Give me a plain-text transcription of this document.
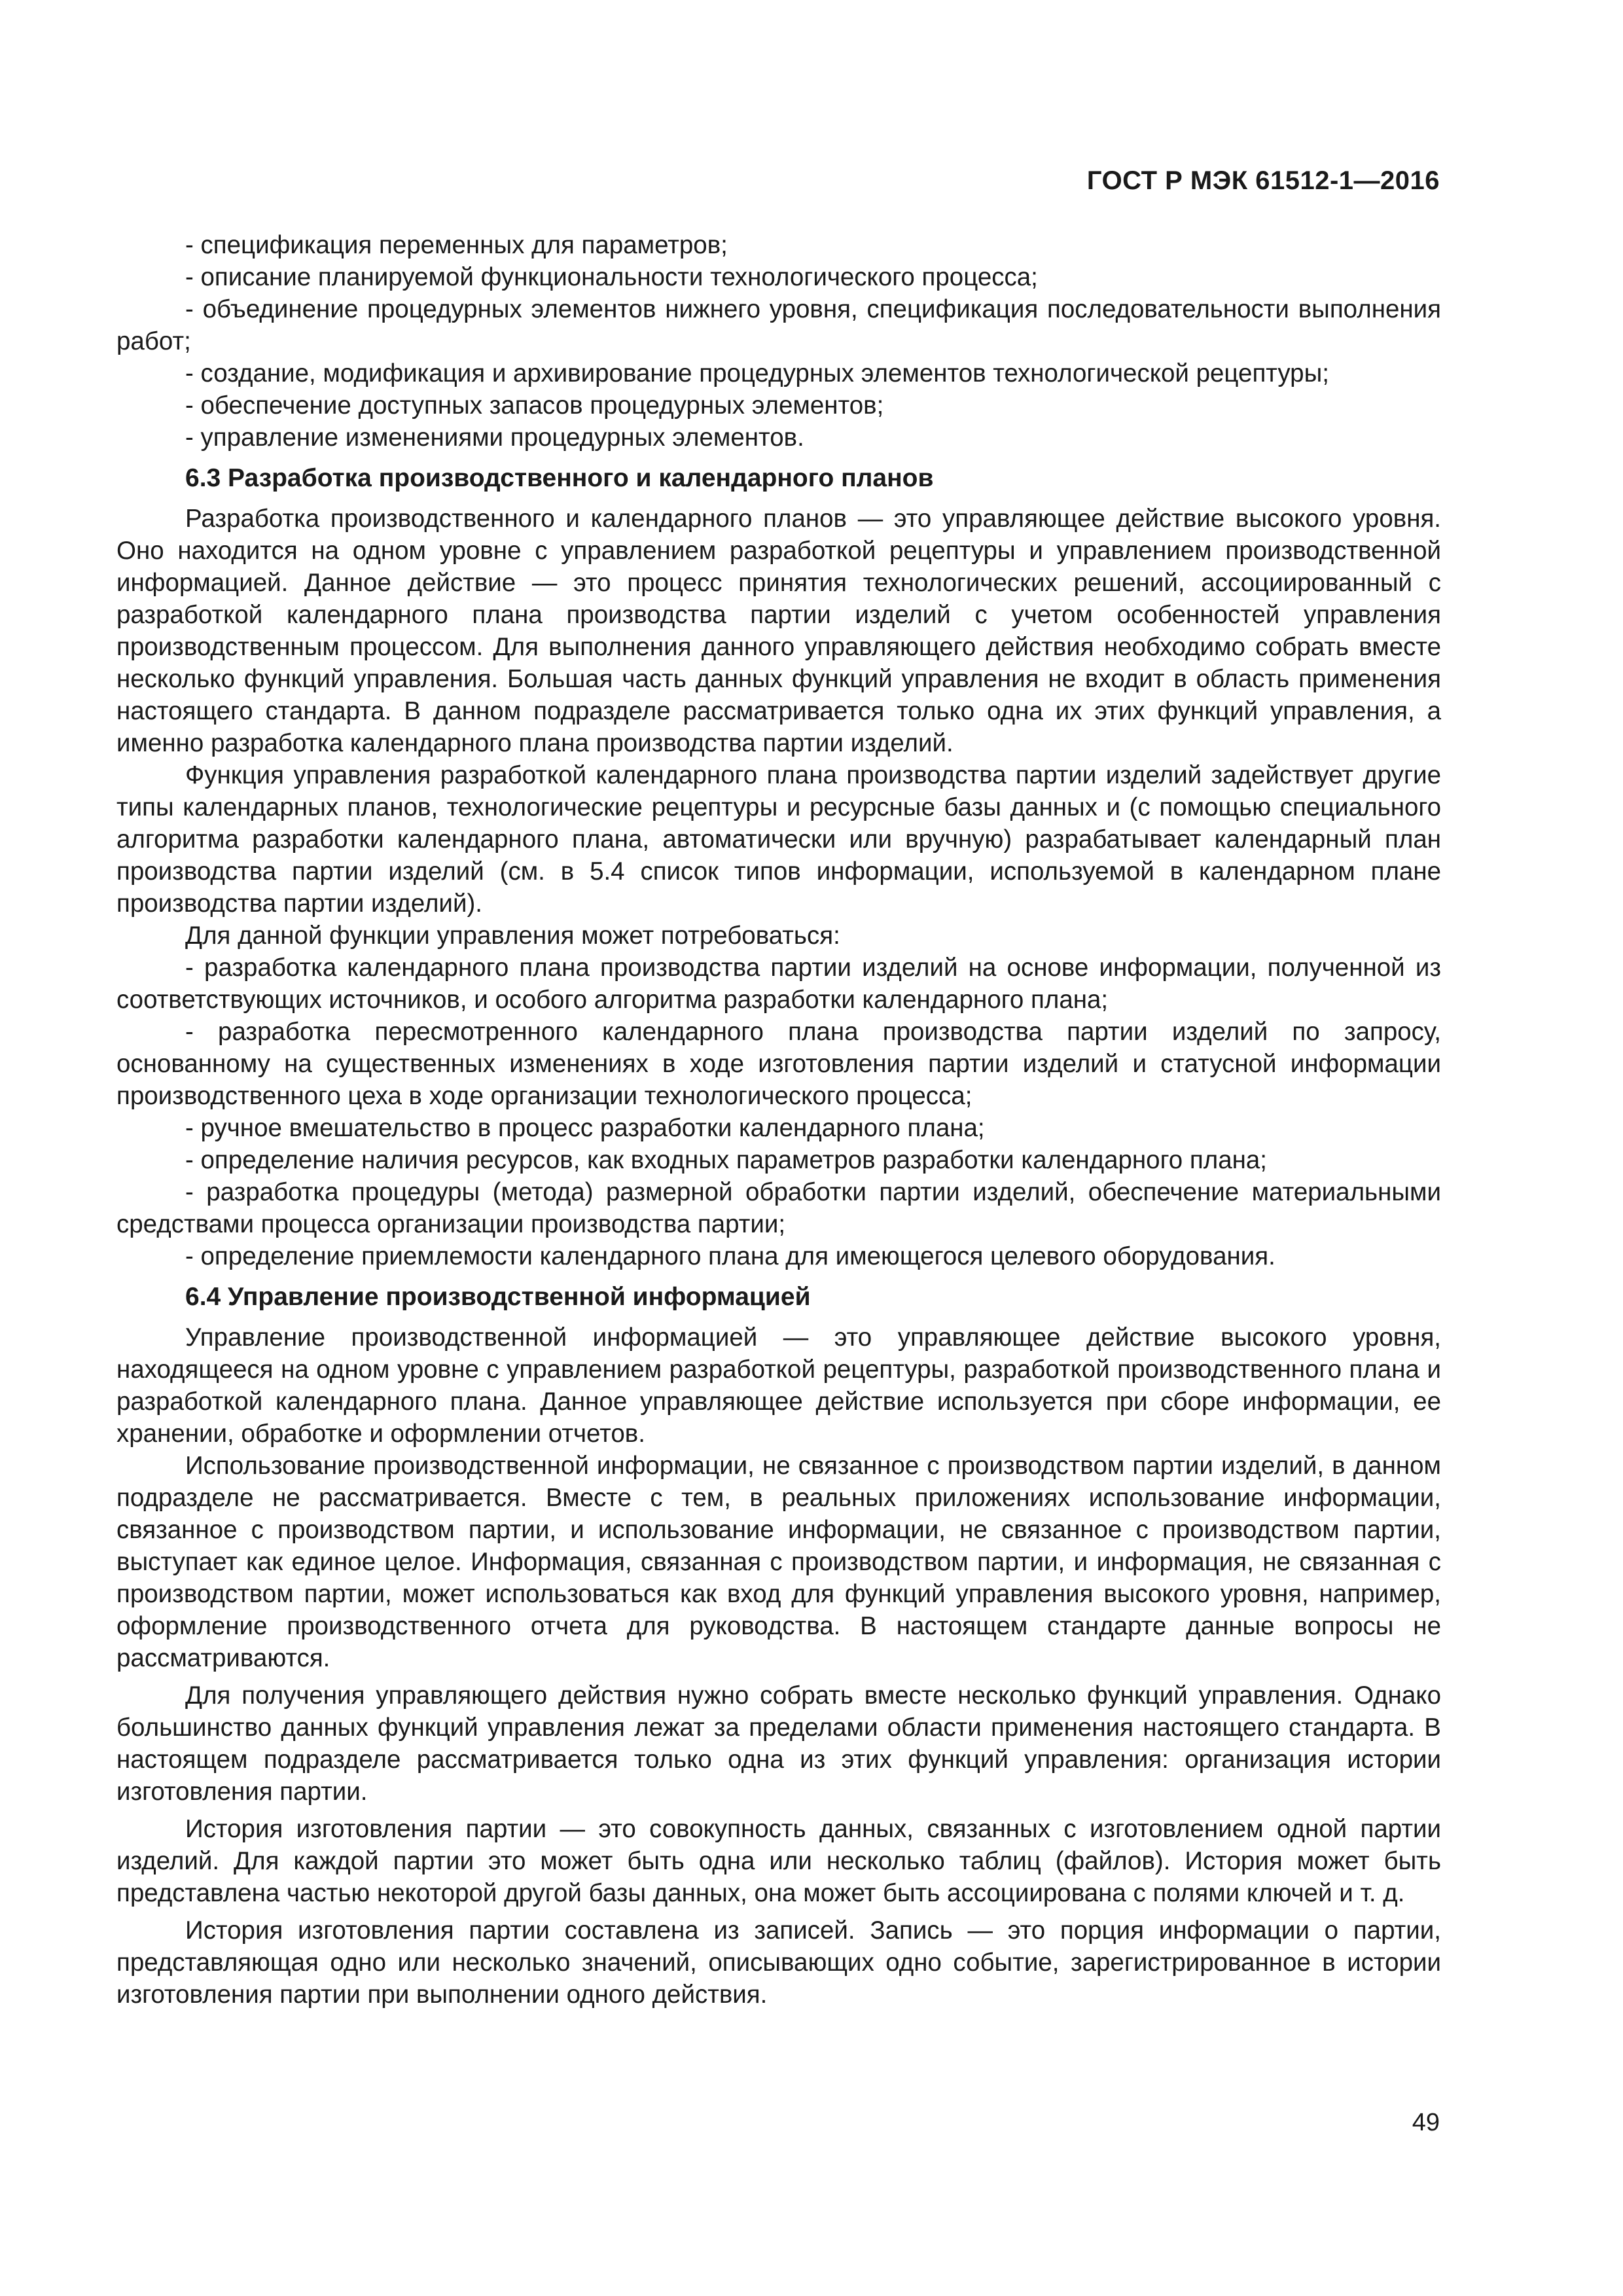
ГОСТ Р МЭК 61512-1—2016

- спецификация переменных для параметров;

- описание планируемой функциональности технологического процесса;

- объединение процедурных элементов нижнего уровня, спецификация последовательности выполнения работ;

- создание, модификация и архивирование процедурных элементов технологической рецептуры;

- обеспечение доступных запасов процедурных элементов;

- управление изменениями процедурных элементов.

6.3 Разработка производственного и календарного планов

Разработка производственного и календарного планов — это управляющее действие высокого уровня. Оно находится на одном уровне с управлением разработкой рецептуры и управлением производственной информацией. Данное действие — это процесс принятия технологических решений, ассоциированный с разработкой календарного плана производства партии изделий с учетом особенностей управления производственным процессом. Для выполнения данного управляющего действия необходимо собрать вместе несколько функций управления. Большая часть данных функций управления не входит в область применения настоящего стандарта. В данном подразделе рассматривается только одна их этих функций управления, а именно разработка календарного плана производства партии изделий.

Функция управления разработкой календарного плана производства партии изделий задействует другие типы календарных планов, технологические рецептуры и ресурсные базы данных и (с помощью специального алгоритма разработки календарного плана, автоматически или вручную) разрабатывает календарный план производства партии изделий (см. в 5.4 список типов информации, используемой в календарном плане производства партии изделий).

Для данной функции управления может потребоваться:

- разработка календарного плана производства партии изделий на основе информации, полученной из соответствующих источников, и особого алгоритма разработки календарного плана;

- разработка пересмотренного календарного плана производства партии изделий по запросу, основанному на существенных изменениях в ходе изготовления партии изделий и статусной информации производственного цеха в ходе организации технологического процесса;

- ручное вмешательство в процесс разработки календарного плана;

- определение наличия ресурсов, как входных параметров разработки календарного плана;

- разработка процедуры (метода) размерной обработки партии изделий, обеспечение материальными средствами процесса организации производства партии;

- определение приемлемости календарного плана для имеющегося целевого оборудования.

6.4 Управление производственной информацией

Управление производственной информацией — это управляющее действие высокого уровня, находящееся на одном уровне с управлением разработкой рецептуры, разработкой производственного плана и разработкой календарного плана. Данное управляющее действие используется при сборе информации, ее хранении, обработке и оформлении отчетов.

Использование производственной информации, не связанное с производством партии изделий, в данном подразделе не рассматривается. Вместе с тем, в реальных приложениях использование информации, связанное с производством партии, и использование информации, не связанное с производством партии, выступает как единое целое. Информация, связанная с производством партии, и информация, не связанная с производством партии, может использоваться как вход для функций управления высокого уровня, например, оформление производственного отчета для руководства. В настоящем стандарте данные вопросы не рассматриваются.

Для получения управляющего действия нужно собрать вместе несколько функций управления. Однако большинство данных функций управления лежат за пределами области применения настоящего стандарта. В настоящем подразделе рассматривается только одна из этих функций управления: организация истории изготовления партии.

История изготовления партии — это совокупность данных, связанных с изготовлением одной партии изделий. Для каждой партии это может быть одна или несколько таблиц (файлов). История может быть представлена частью некоторой другой базы данных, она может быть ассоциирована с полями ключей и т. д.

История изготовления партии составлена из записей. Запись — это порция информации о партии, представляющая одно или несколько значений, описывающих одно событие, зарегистрированное в истории изготовления партии при выполнении одного действия.

49
